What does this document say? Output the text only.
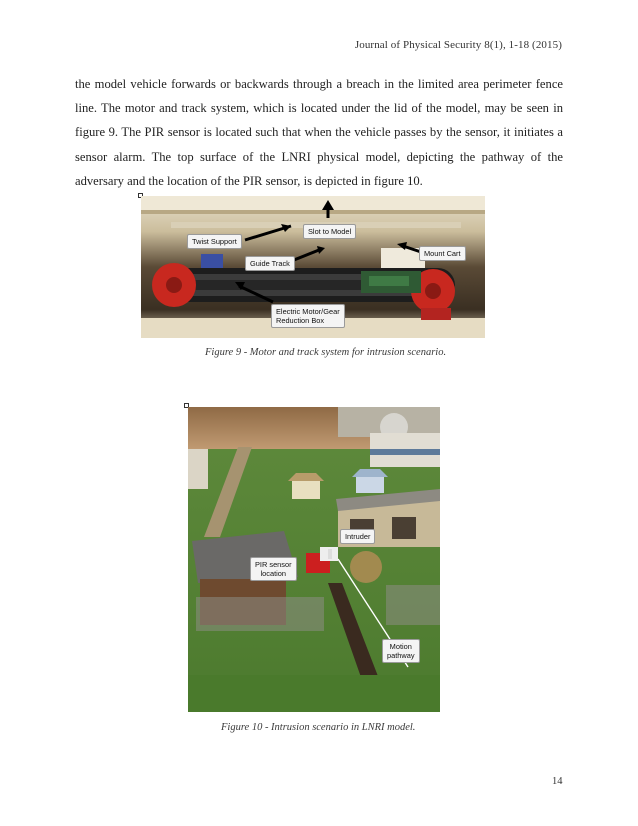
Journal of Physical Security 8(1), 1-18 (2015)

the model vehicle forwards or backwards through a breach in the limited area perimeter fence line. The motor and track system, which is located under the lid of the model, may be seen in figure 9. The PIR sensor is located such that when the vehicle passes by the sensor, it initiates a sensor alarm. The top surface of the LNRI physical model, depicting the pathway of the adversary and the location of the PIR sensor, is depicted in figure 10.

Twist Support
Slot to Model
Guide Track
Mount Cart
Electric Motor/Gear
Reduction Box
Figure 9 - Motor and track system for intrusion scenario.
Intruder
PIR sensor
location
Motion
pathway
Figure 10 - Intrusion scenario in LNRI model.
14
